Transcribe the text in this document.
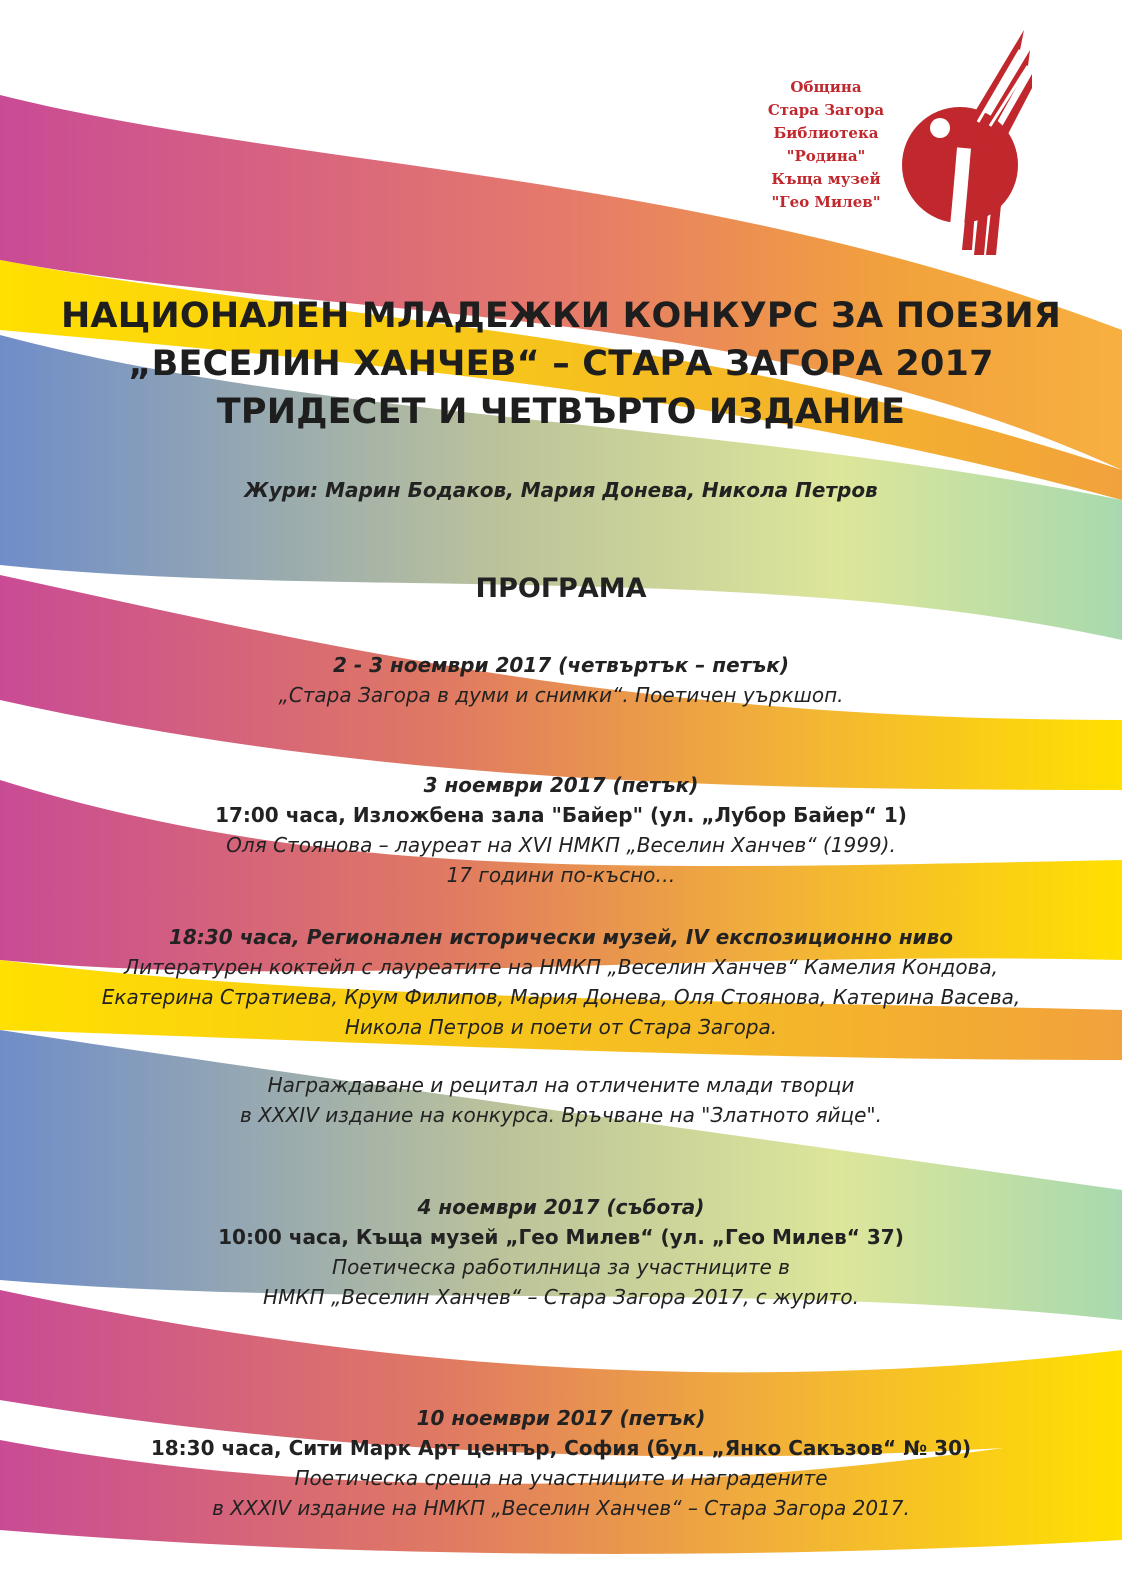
Община
Стара Загора
Библиотека
"Родина"
Къща музей
"Гео Милев"
НАЦИОНАЛЕН МЛАДЕЖКИ КОНКУРС ЗА ПОЕЗИЯ
„ВЕСЕЛИН ХАНЧЕВ“ – СТАРА ЗАГОРА 2017
ТРИДЕСЕТ И ЧЕТВЪРТО ИЗДАНИЕ
Жури: Марин Бодаков, Мария Донева, Никола Петров
ПРОГРАМА
2 - 3 ноември 2017 (четвъртък – петък)
„Стара Загора в думи и снимки“. Поетичен уъркшоп.
3 ноември 2017 (петък)
17:00 часа, Изложбена зала "Байер" (ул. „Лубор Байер“ 1)
Оля Стоянова – лауреат на XVI НМКП „Веселин Ханчев“ (1999).
17 години по-късно…
18:30 часа, Регионален исторически музей, IV експозиционно ниво
Литературен коктейл с лауреатите на НМКП „Веселин Ханчев“ Камелия Кондова,
Екатерина Стратиева, Крум Филипов, Мария Донева, Оля Стоянова, Катерина Васева,
Никола Петров и поети от Стара Загора.
Награждаване и рецитал на отличените млади творци
в XXXIV издание на конкурса. Връчване на "Златното яйце".
4 ноември 2017 (събота)
10:00 часа, Къща музей „Гео Милев“ (ул. „Гео Милев“ 37)
Поетическа работилница за участниците в
НМКП „Веселин Ханчев“ – Стара Загора 2017, с журито.
10 ноември 2017 (петък)
18:30 часа, Сити Марк Арт център, София (бул. „Янко Сакъзов“ № 30)
Поетическа среща на участниците и наградените
в XXXIV издание на НМКП „Веселин Ханчев“ – Стара Загора 2017.
